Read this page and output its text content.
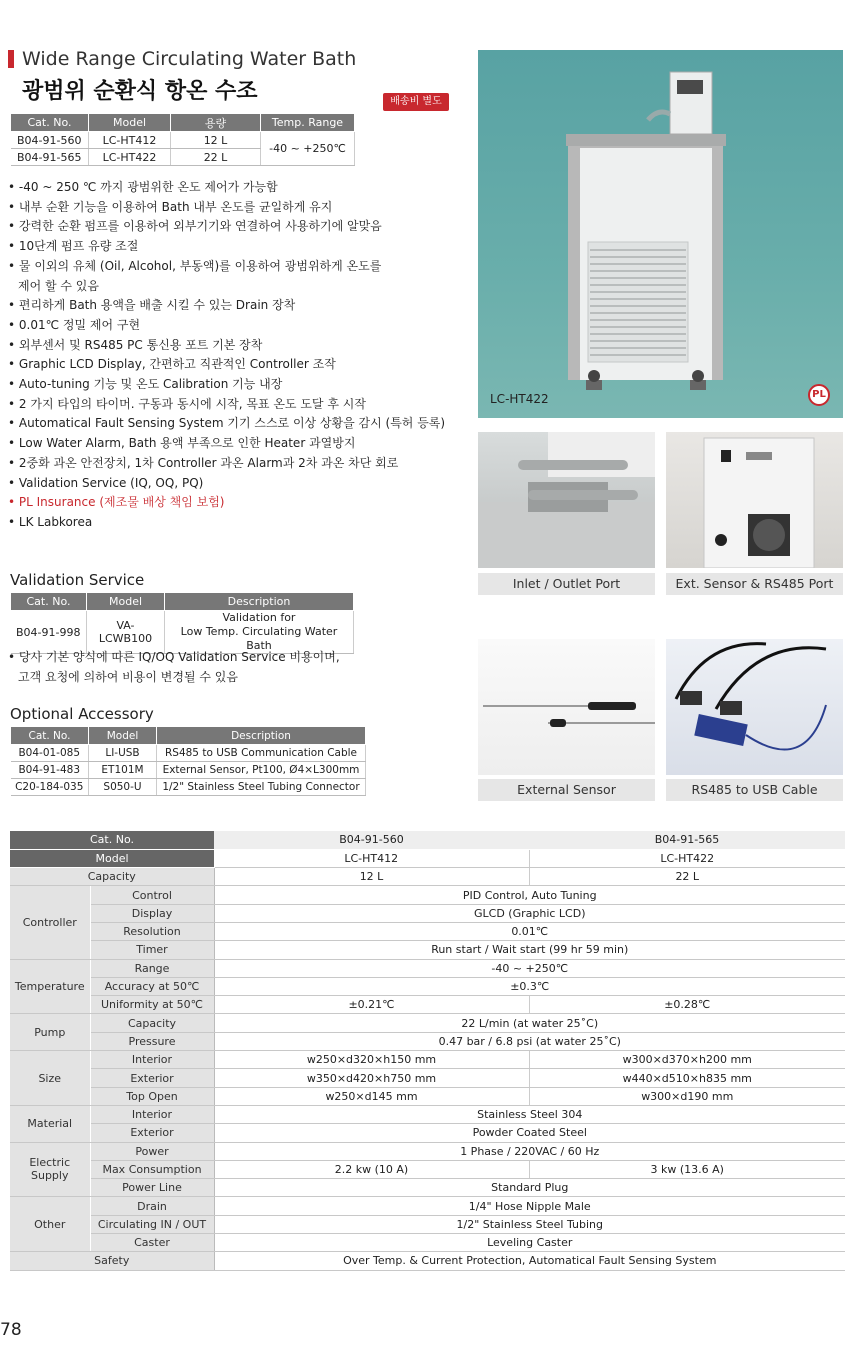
Wide Range Circulating Water Bath
광범위 순환식 항온 수조	배송비 별도
Cat. No.	Model	용량	Temp. Range
B04-91-560	LC-HT412	12 L	-40 ~ +250℃
B04-91-565	LC-HT422	22 L	
• -40 ~ 250 ℃ 까지 광범위한 온도 제어가 가능함
• 내부 순환 기능을 이용하여 Bath 내부 온도를 균일하게 유지
• 강력한 순환 펌프를 이용하여 외부기기와 연결하여 사용하기에 알맞음
• 10단계 펌프 유량 조절
• 물 이외의 유체 (Oil, Alcohol, 부동액)를 이용하여 광범위하게 온도를
제어 할 수 있음
• 편리하게 Bath 용액을 배출 시킬 수 있는 Drain 장착
• 0.01℃ 정밀 제어 구현
• 외부센서 및 RS485 PC 통신용 포트 기본 장착
• Graphic LCD Display, 간편하고 직관적인 Controller 조작
• Auto-tuning 기능 및 온도 Calibration 기능 내장
• 2 가지 타입의 타이머. 구동과 동시에 시작, 목표 온도 도달 후 시작
• Automatical Fault Sensing System 기기 스스로 이상 상황을 감시 (특허 등록)
• Low Water Alarm, Bath 용액 부족으로 인한 Heater 과열방지
• 2중화 과온 안전장치, 1차 Controller 과온 Alarm과 2차 과온 차단 회로
• Validation Service (IQ, OQ, PQ)
• PL Insurance (제조물 배상 책임 보험)
• LK Labkorea
Validation Service
Cat. No.	Model	Description
B04-91-998	VA-LCWB100	Validation for
Low Temp. Circulating Water Bath
• 당사 기본 양식에 따른 IQ/OQ Validation Service 비용이며,
고객 요청에 의하여 비용이 변경될 수 있음
Optional Accessory
Cat. No.	Model	Description
B04-01-085	LI-USB	RS485 to USB Communication Cable
B04-91-483	ET101M	External Sensor, Pt100, Ø4×L300mm
C20-184-035	S050-U	1/2" Stainless Steel Tubing Connector
LC-HT422	PL
Inlet / Outlet Port	Ext. Sensor & RS485 Port
External Sensor	RS485 to USB Cable
Cat. No.		B04-91-560	B04-91-565
Model		LC-HT412	LC-HT422
Capacity		12 L	22 L
Controller	Control	PID Control, Auto Tuning	
	Display	GLCD (Graphic LCD)	
	Resolution	0.01℃	
	Timer	Run start / Wait start (99 hr 59 min)	
Temperature	Range	-40 ~ +250℃	
	Accuracy at 50℃	±0.3℃	
	Uniformity at 50℃	±0.21℃	±0.28℃
Pump	Capacity	22 L/min (at water 25˚C)	
	Pressure	0.47 bar / 6.8 psi (at water 25˚C)	
Size	Interior	w250×d320×h150 mm	w300×d370×h200 mm
	Exterior	w350×d420×h750 mm	w440×d510×h835 mm
	Top Open	w250×d145 mm	w300×d190 mm
Material	Interior	Stainless Steel 304	
	Exterior	Powder Coated Steel	
Electric Supply	Power	1 Phase / 220VAC / 60 Hz	
	Max Consumption	2.2 kw (10 A)	3 kw (13.6 A)
	Power Line	Standard Plug	
Other	Drain	1/4" Hose Nipple Male	
	Circulating IN / OUT	1/2" Stainless Steel Tubing	
	Caster	Leveling Caster	
Safety		Over Temp. & Current Protection, Automatical Fault Sensing System	
78
